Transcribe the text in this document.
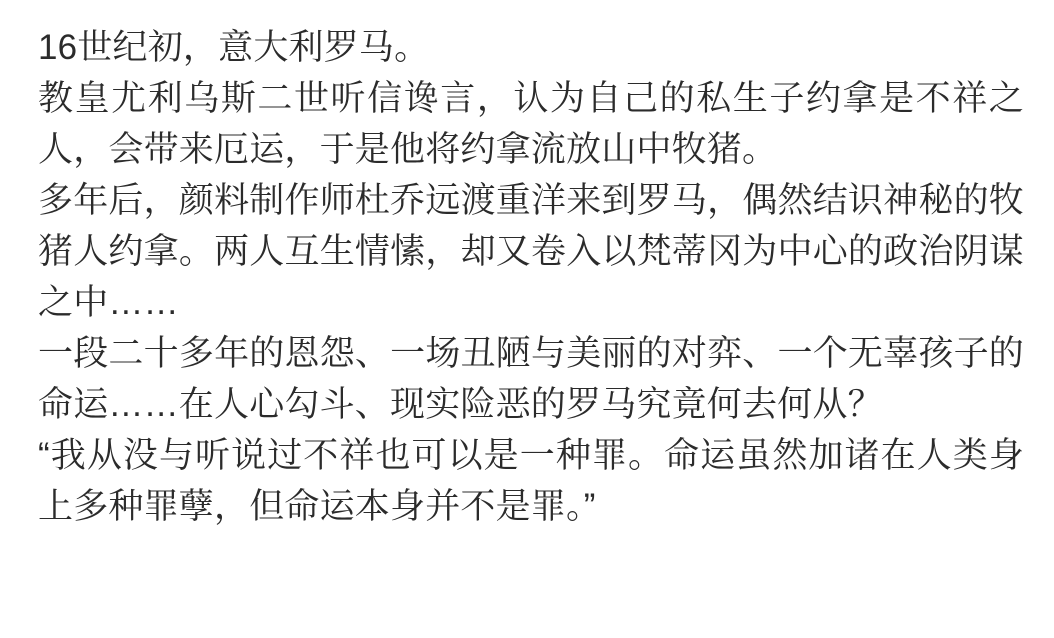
16世纪初，意大利罗马。

教皇尤利乌斯二世听信谗言，认为自己的私生子约拿是不祥之人，会带来厄运，于是他将约拿流放山中牧猪。

多年后，颜料制作师杜乔远渡重洋来到罗马，偶然结识神秘的牧猪人约拿。两人互生情愫，却又卷入以梵蒂冈为中心的政治阴谋之中……

一段二十多年的恩怨、一场丑陋与美丽的对弈、一个无辜孩子的命运……在人心勾斗、现实险恶的罗马究竟何去何从？

“我从没与听说过不祥也可以是一种罪。命运虽然加诸在人类身上多种罪孽，但命运本身并不是罪。”
